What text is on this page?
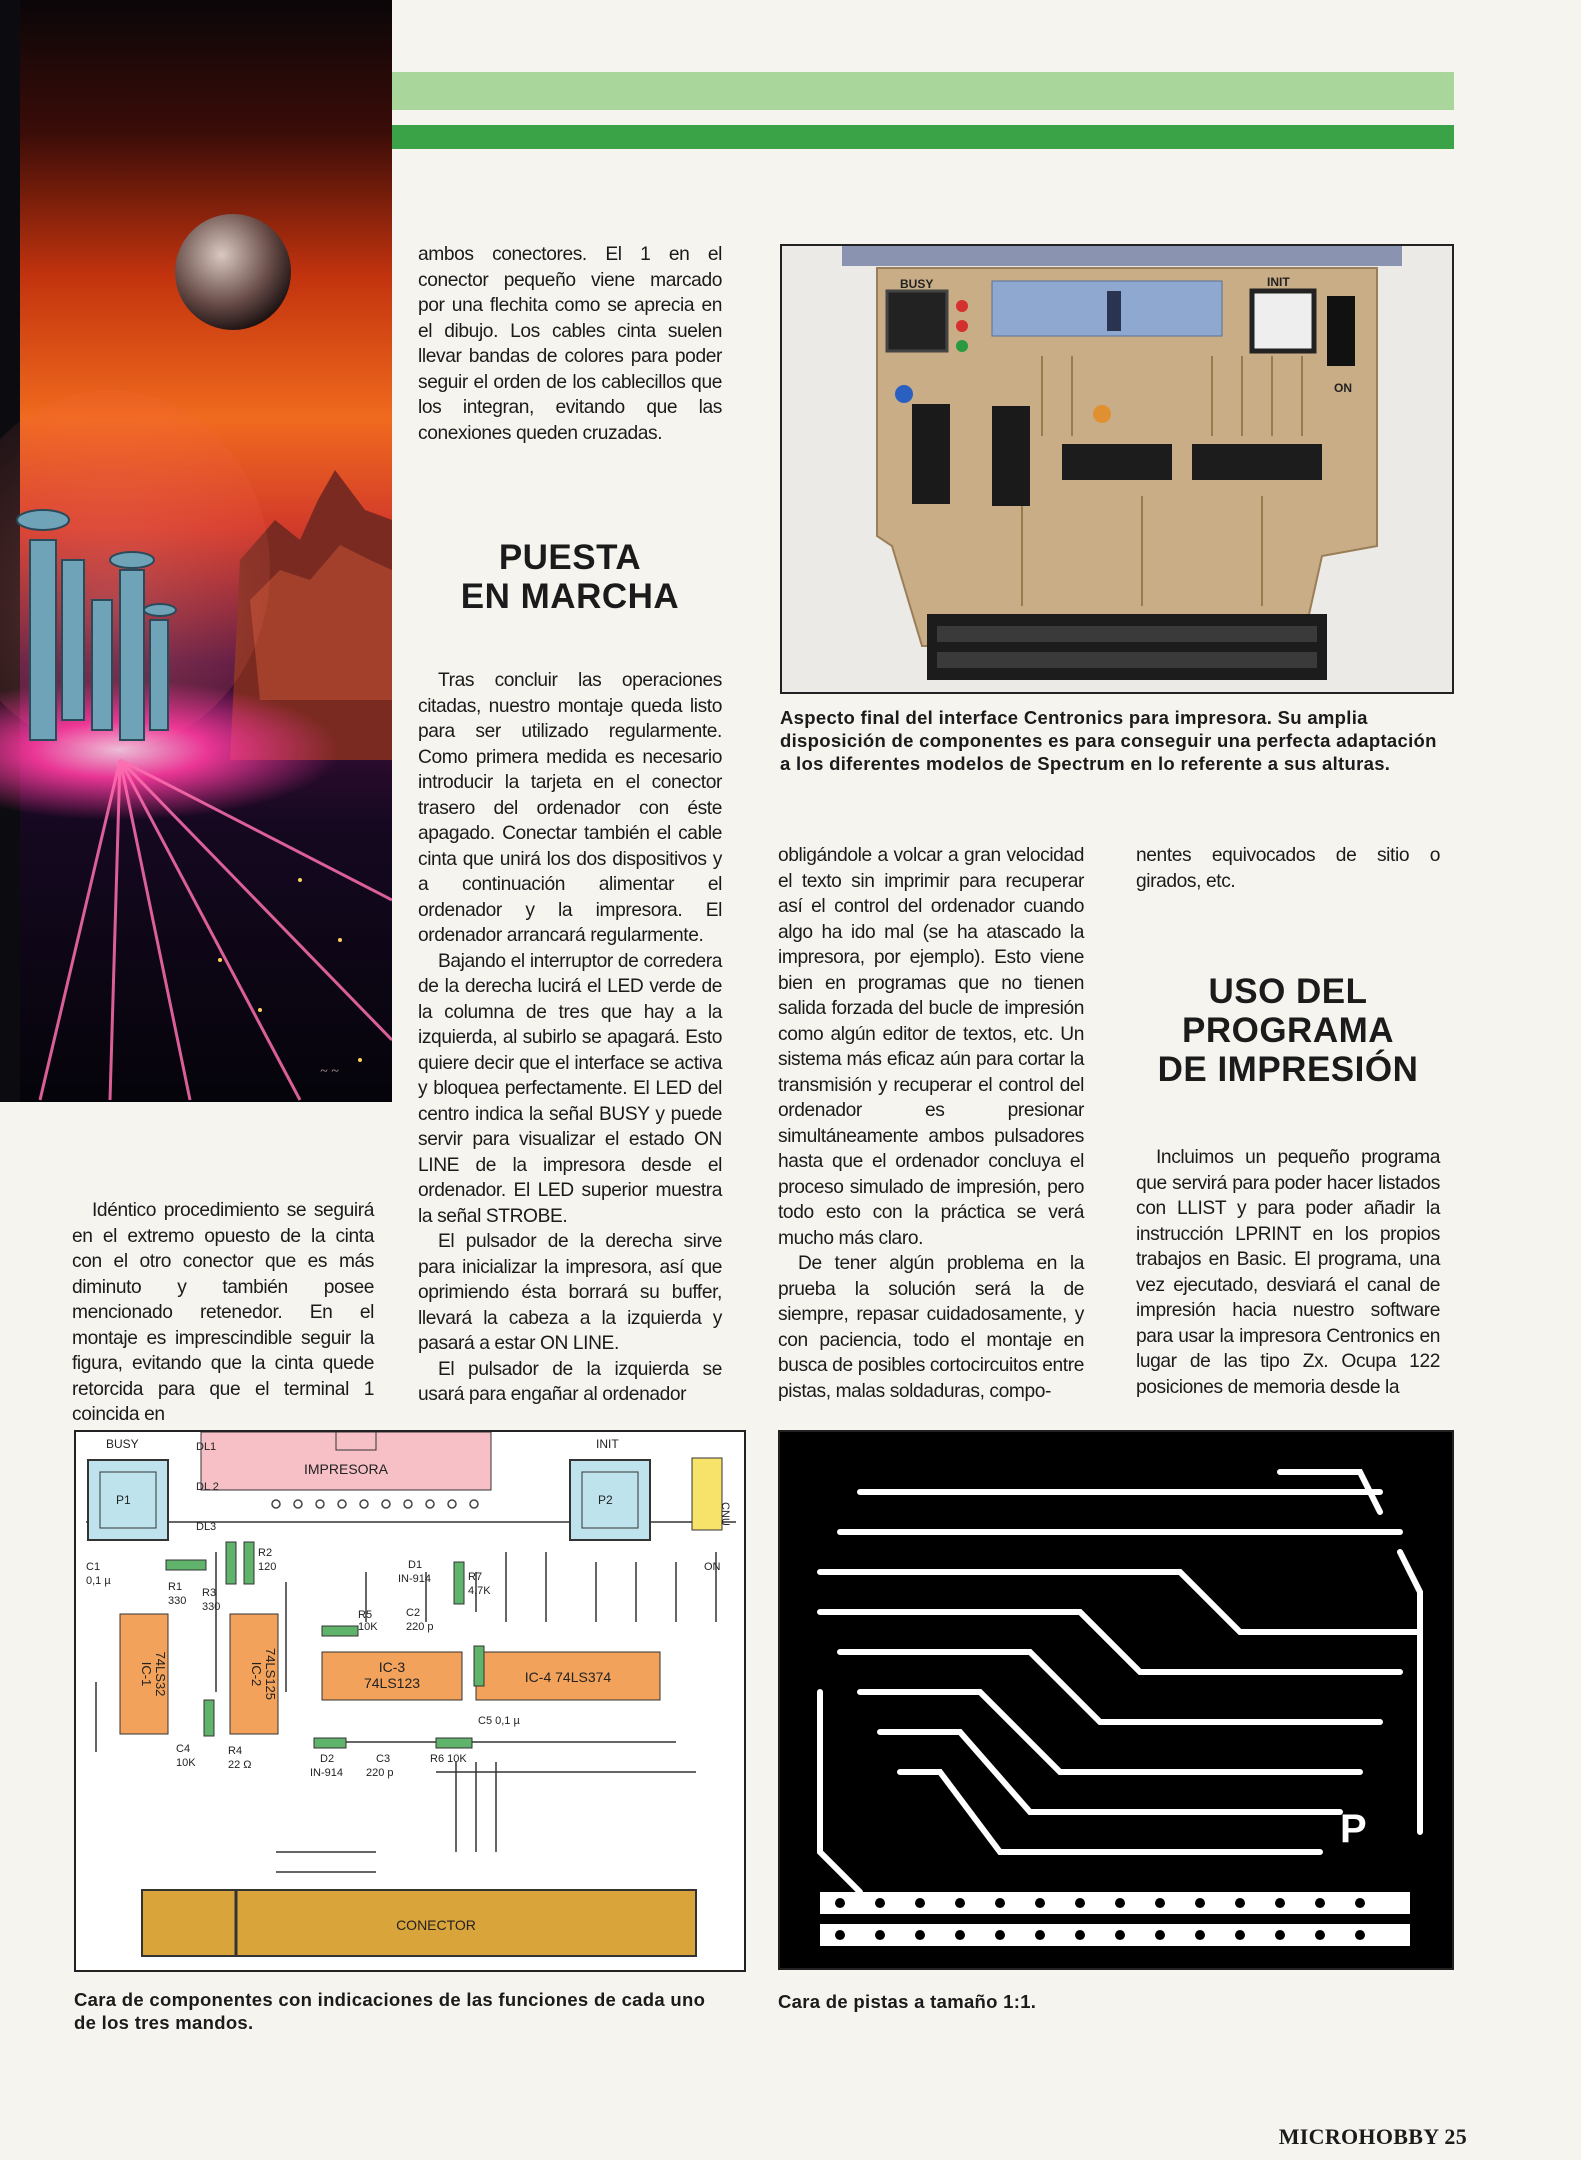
~ ~

Idéntico procedimiento se seguirá en el extremo opuesto de la cinta con el otro conector que es más diminuto y también posee mencionado retenedor. En el montaje es imprescindible seguir la figura, evitando que la cinta quede retorcida para que el terminal 1 coincida en

ambos conectores. El 1 en el conector pequeño viene marcado por una flechita como se aprecia en el dibujo. Los cables cinta suelen llevar bandas de colores para poder seguir el orden de los cablecillos que los integran, evitando que las conexiones queden cruzadas.

PUESTA
EN MARCHA

Tras concluir las operaciones citadas, nuestro montaje queda listo para ser utilizado regularmente. Como primera medida es necesario introducir la tarjeta en el conector trasero del ordenador con éste apagado. Conectar también el cable cinta que unirá los dos dispositivos y a continuación alimentar el ordenador y la impresora. El ordenador arrancará regularmente.

Bajando el interruptor de corredera de la derecha lucirá el LED verde de la columna de tres que hay a la izquierda, al subirlo se apagará. Esto quiere decir que el interface se activa y bloquea perfectamente. El LED del centro indica la señal BUSY y puede servir para visualizar el estado ON LINE de la impresora desde el ordenador. El LED superior muestra la señal STROBE.

El pulsador de la derecha sirve para inicializar la impresora, así que oprimiendo ésta borrará su buffer, llevará la cabeza a la izquierda y pasará a estar ON LINE.

El pulsador de la izquierda se usará para engañar al ordenador

BUSY	INIT
ON
Aspecto final del interface Centronics para impresora. Su amplia disposición de componentes es para conseguir una perfecta adaptación a los diferentes modelos de Spectrum en lo referente a sus alturas.

obligándole a volcar a gran velocidad el texto sin imprimir para recuperar así el control del ordenador cuando algo ha ido mal (se ha atascado la impresora, por ejemplo). Esto viene bien en programas que no tienen salida forzada del bucle de impresión como algún editor de textos, etc. Un sistema más eficaz aún para cortar la transmisión y recuperar el control del ordenador es presionar simultáneamente ambos pulsadores hasta que el ordenador concluya el proceso simulado de impresión, pero todo esto con la práctica se verá mucho más claro.

De tener algún problema en la prueba la solución será la de siempre, repasar cuidadosamente, y con paciencia, todo el montaje en busca de posibles cortocircuitos entre pistas, malas soldaduras, compo-

nentes equivocados de sitio o girados, etc.

USO DEL
PROGRAMA
DE IMPRESIÓN

Incluimos un pequeño programa que servirá para poder hacer listados con LLIST y para poder añadir la instrucción LPRINT en los propios trabajos en Basic. El programa, una vez ejecutado, desviará el canal de impresión hacia nuestro software para usar la impresora Centronics en lugar de las tipo Zx. Ocupa 122 posiciones de memoria desde la

IMPRESORA
BUSY
P1
INIT
P2
CNU
ON
DL1
DL 2
DL3
C1
0,1 µ	R1
330
R2
120
R3
330
D1
IN-914	R7
4,7K
R5
10K
C2
220 p
IC-1 74LS32	IC-2 74LS125	IC-3
74LS123	IC-4 74LS374
C5 0,1 µ
C4
10K
R4
22 Ω	D2
IN-914
C3
220 p
R6 10K
CONECTOR
Cara de componentes con indicaciones de las funciones de cada uno de los tres mandos.
P
Cara de pistas a tamaño 1:1.
MICROHOBBY 25
